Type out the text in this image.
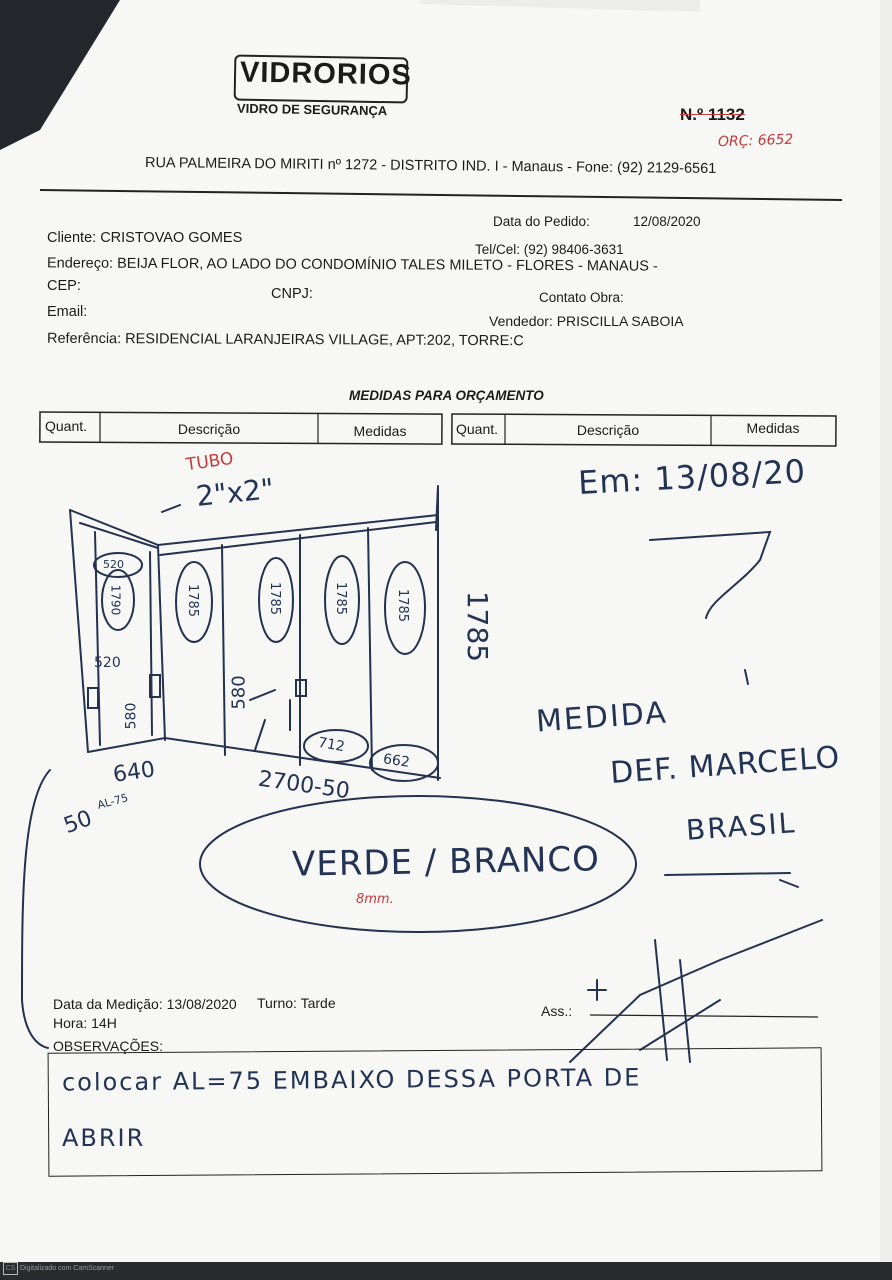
VIDRORIOS
VIDRO DE SEGURANÇA	N.º 1132
ORÇ: 6652
RUA PALMEIRA DO MIRITI nº 1272 - DISTRITO IND. I - Manaus - Fone: (92) 2129-6561
Data do Pedido:	12/08/2020
Cliente: CRISTOVAO GOMES
Tel/Cel: (92) 98406-3631
Endereço: BEIJA FLOR, AO LADO DO CONDOMÍNIO TALES MILETO - FLORES - MANAUS -
CEP:	CNPJ:	Contato Obra:
Email:
Vendedor: PRISCILLA SABOIA
Referência: RESIDENCIAL LARANJEIRAS VILLAGE, APT:202, TORRE:C
MEDIDAS PARA ORÇAMENTO
Quant.	Descrição	Medidas	Quant.	Descrição	Medidas
TUBO
2"x2"
520
1790	1785	1785	1785	1785 1785
520
580
580
640	2700-50
712
662
50
AL-75
Em: 13/08/20
MEDIDA
DEF. MARCELO
BRASIL
VERDE / BRANCO
8mm.
Data da Medição: 13/08/2020 Turno: Tarde
Hora: 14H
Ass.:
OBSERVAÇÕES:
colocar AL=75 EMBAIXO DESSA PORTA DE
ABRIR
CS Digitalizado com CamScanner
